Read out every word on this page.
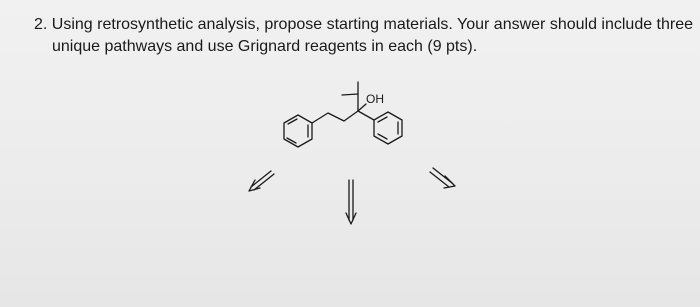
2. Using retrosynthetic analysis, propose starting materials. Your answer should include three
unique pathways and use Grignard reagents in each (9 pts).
OH
